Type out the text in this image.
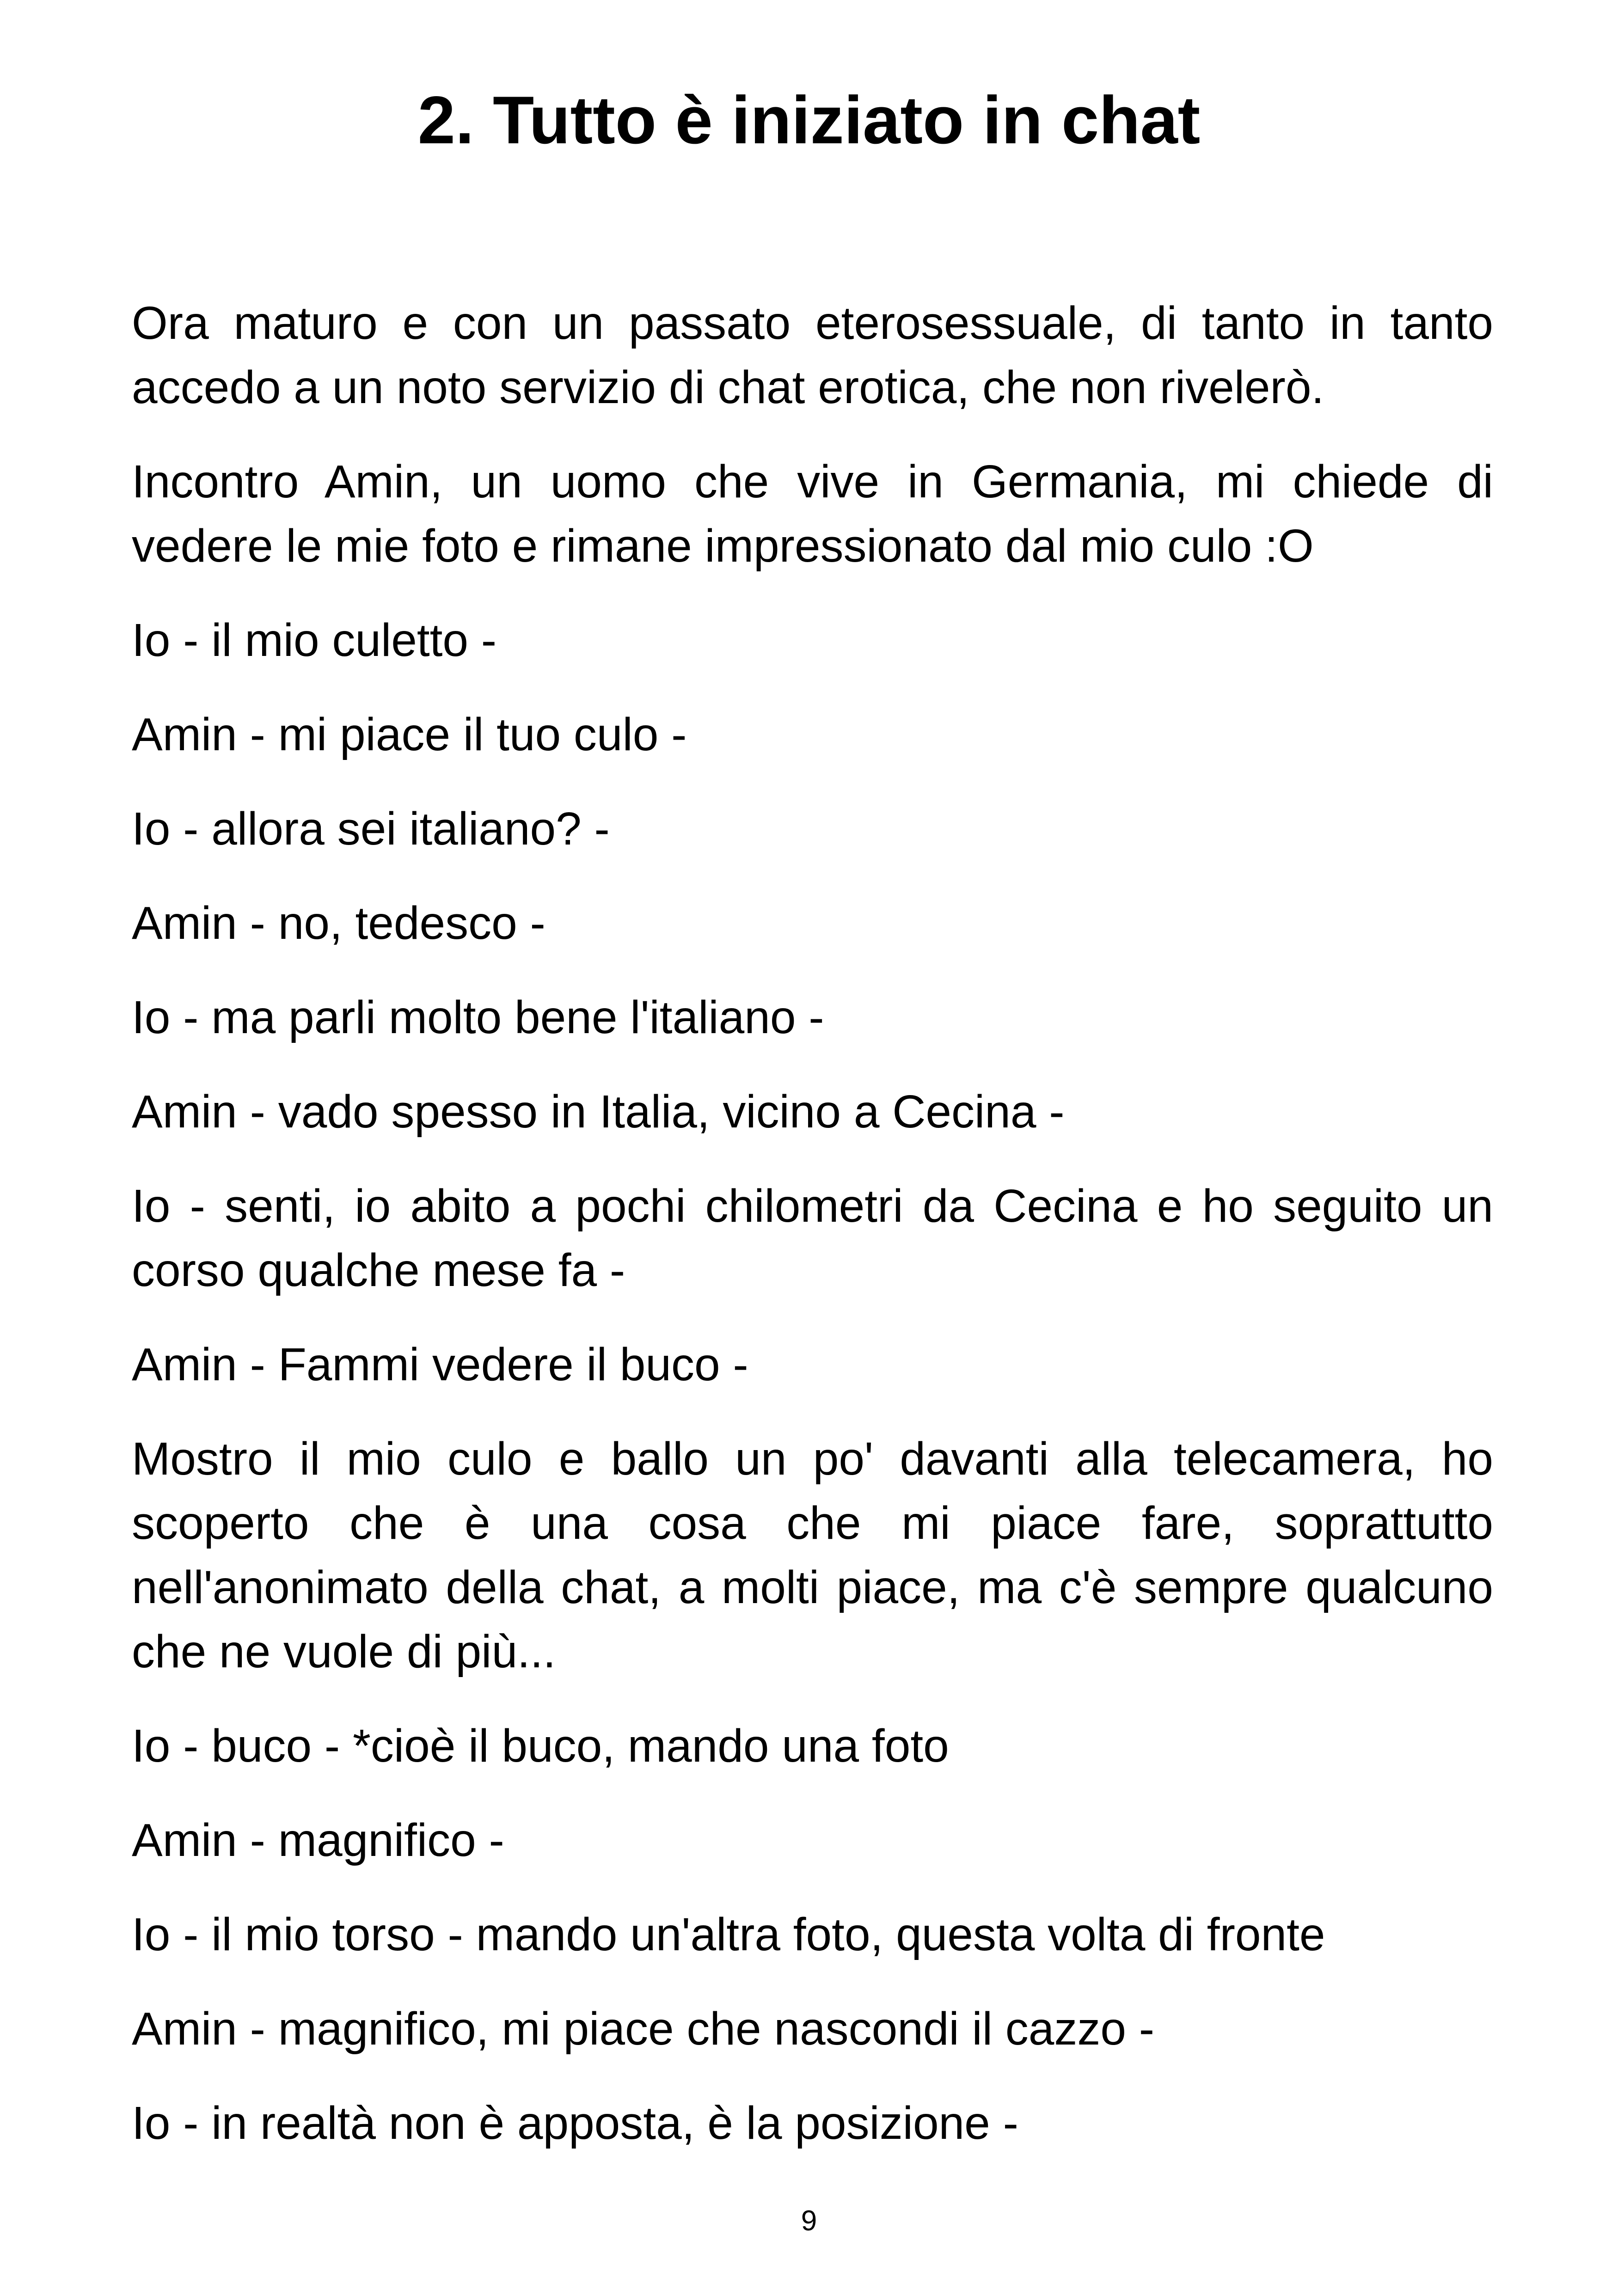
2. Tutto è iniziato in chat

Ora maturo e con un passato eterosessuale, di tanto in tanto accedo a un noto servizio di chat erotica, che non rivelerò.

Incontro Amin, un uomo che vive in Germania, mi chiede di vedere le mie foto e rimane impressionato dal mio culo :O

Io - il mio culetto -

Amin - mi piace il tuo culo -

Io - allora sei italiano? -

Amin - no, tedesco -

Io - ma parli molto bene l'italiano -

Amin - vado spesso in Italia, vicino a Cecina -

Io - senti, io abito a pochi chilometri da Cecina e ho seguito un corso qualche mese fa -

Amin - Fammi vedere il buco -

Mostro il mio culo e ballo un po' davanti alla telecamera, ho scoperto che è una cosa che mi piace fare, soprattutto nell'anonimato della chat, a molti piace, ma c'è sempre qualcuno che ne vuole di più...

Io - buco - *cioè il buco, mando una foto

Amin - magnifico -

Io - il mio torso - mando un'altra foto, questa volta di fronte

Amin - magnifico, mi piace che nascondi il cazzo -

Io - in realtà non è apposta, è la posizione -

9
